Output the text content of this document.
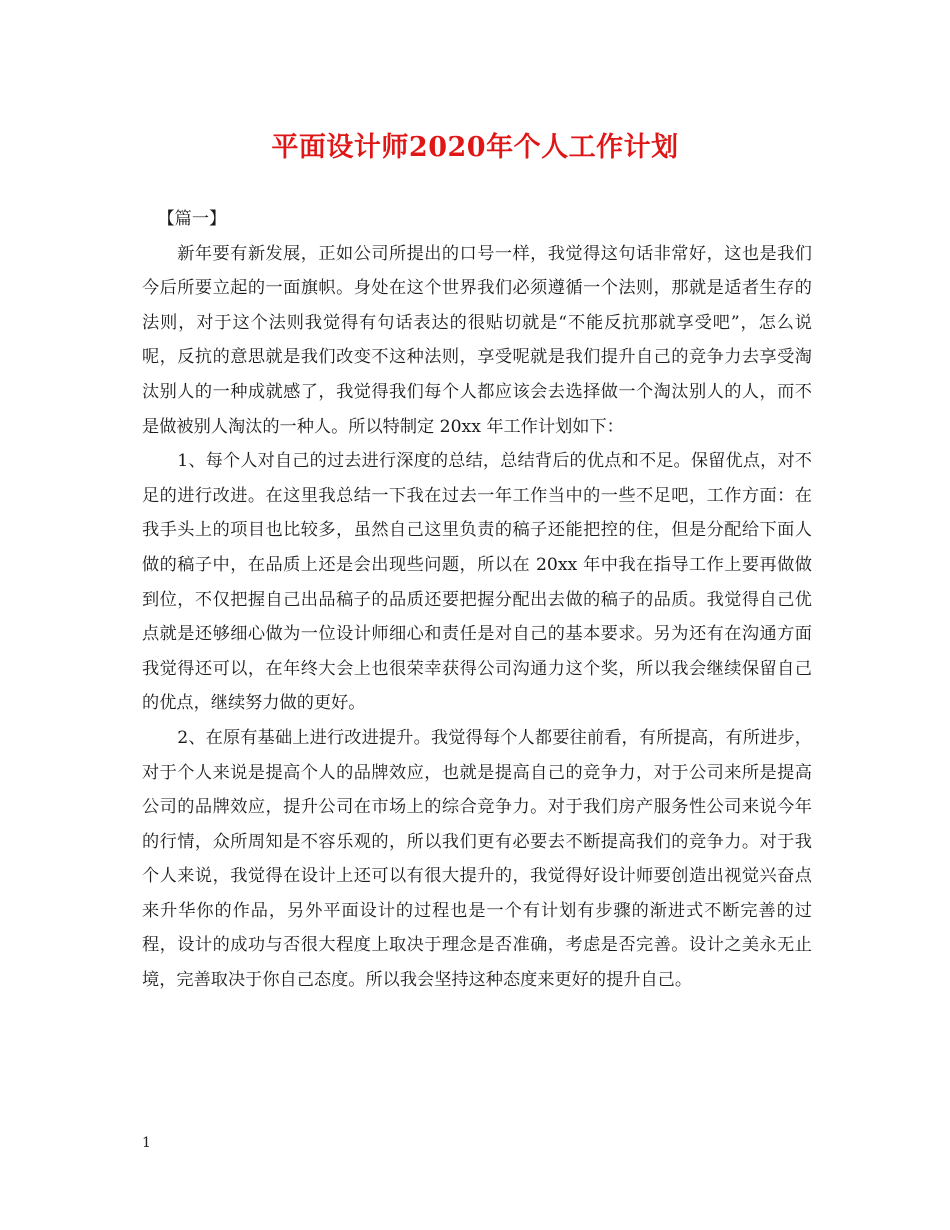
平面设计师2020年个人工作计划

【篇一】

新年要有新发展，正如公司所提出的口号一样，我觉得这句话非常好，这也是我们今后所要立起的一面旗帜。身处在这个世界我们必须遵循一个法则，那就是适者生存的法则，对于这个法则我觉得有句话表达的很贴切就是“不能反抗那就享受吧”，怎么说呢，反抗的意思就是我们改变不这种法则，享受呢就是我们提升自己的竞争力去享受淘汰别人的一种成就感了，我觉得我们每个人都应该会去选择做一个淘汰别人的人，而不是做被别人淘汰的一种人。所以特制定 20xx 年工作计划如下：

1、每个人对自己的过去进行深度的总结，总结背后的优点和不足。保留优点，对不足的进行改进。在这里我总结一下我在过去一年工作当中的一些不足吧，工作方面：在我手头上的项目也比较多，虽然自己这里负责的稿子还能把控的住，但是分配给下面人做的稿子中，在品质上还是会出现些问题，所以在 20xx 年中我在指导工作上要再做做到位，不仅把握自己出品稿子的品质还要把握分配出去做的稿子的品质。我觉得自己优点就是还够细心做为一位设计师细心和责任是对自己的基本要求。另为还有在沟通方面我觉得还可以，在年终大会上也很荣幸获得公司沟通力这个奖，所以我会继续保留自己的优点，继续努力做的更好。

2、在原有基础上进行改进提升。我觉得每个人都要往前看，有所提高，有所进步，对于个人来说是提高个人的品牌效应，也就是提高自己的竞争力，对于公司来所是提高公司的品牌效应，提升公司在市场上的综合竞争力。对于我们房产服务性公司来说今年的行情，众所周知是不容乐观的，所以我们更有必要去不断提高我们的竞争力。对于我个人来说，我觉得在设计上还可以有很大提升的，我觉得好设计师要创造出视觉兴奋点来升华你的作品，另外平面设计的过程也是一个有计划有步骤的渐进式不断完善的过程，设计的成功与否很大程度上取决于理念是否准确，考虑是否完善。设计之美永无止境，完善取决于你自己态度。所以我会坚持这种态度来更好的提升自己。

1
